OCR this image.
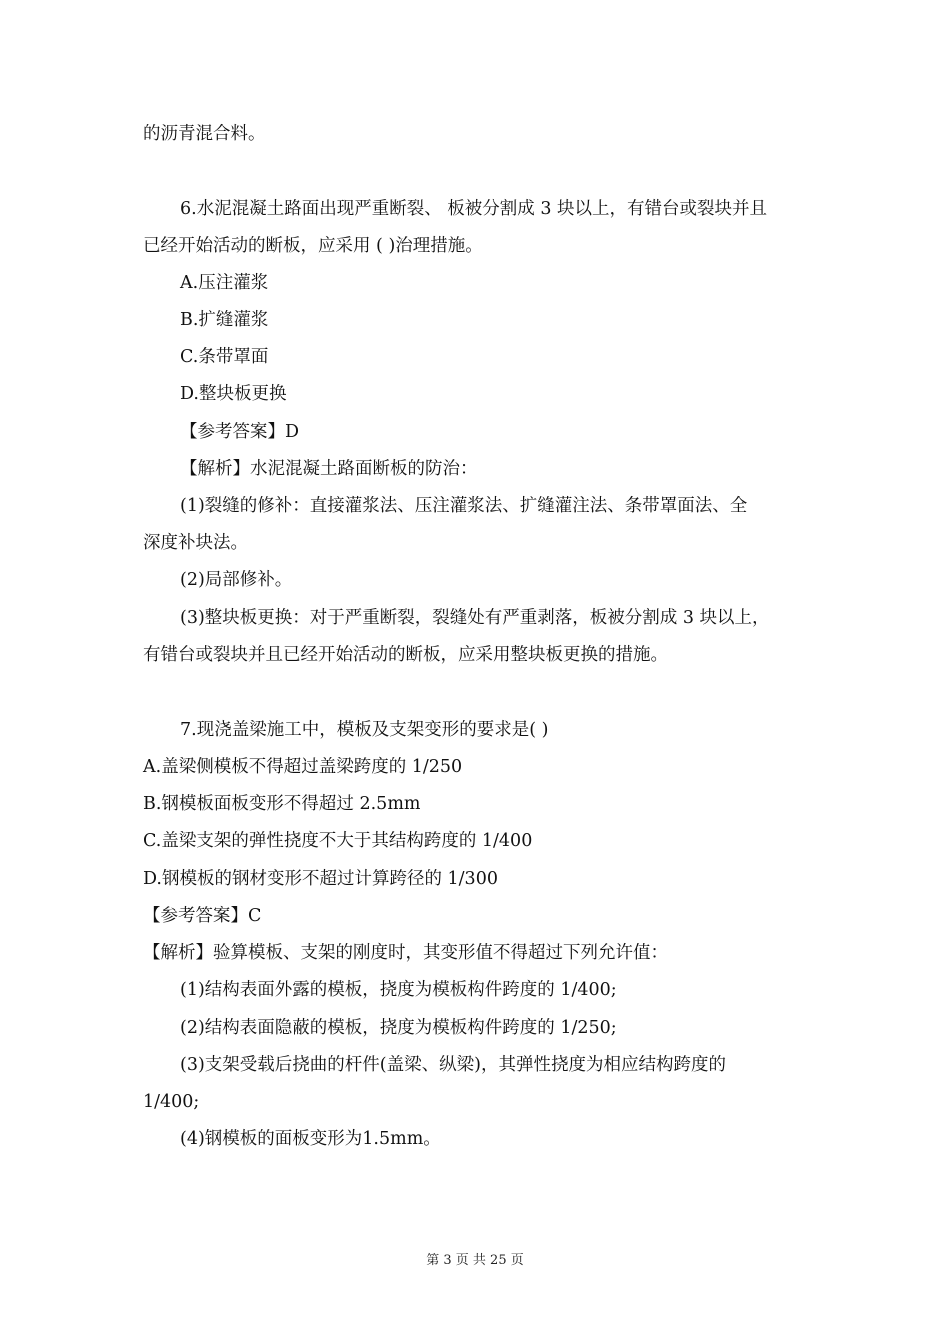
的沥青混合料。

6.水泥混凝土路面出现严重断裂、 板被分割成 3 块以上，有错台或裂块并且

已经开始活动的断板，应采用 ( )治理措施。

A.压注灌浆

B.扩缝灌浆

C.条带罩面

D.整块板更换

【参考答案】D

【解析】水泥混凝土路面断板的防治：

(1)裂缝的修补：直接灌浆法、压注灌浆法、扩缝灌注法、条带罩面法、全

深度补块法。

(2)局部修补。

(3)整块板更换：对于严重断裂，裂缝处有严重剥落，板被分割成 3 块以上，

有错台或裂块并且已经开始活动的断板，应采用整块板更换的措施。

7.现浇盖梁施工中，模板及支架变形的要求是( )

A.盖梁侧模板不得超过盖梁跨度的 1/250

B.钢模板面板变形不得超过 2.5mm

C.盖梁支架的弹性挠度不大于其结构跨度的 1/400

D.钢模板的钢材变形不超过计算跨径的 1/300

【参考答案】C

【解析】验算模板、支架的刚度时，其变形值不得超过下列允许值：

(1)结构表面外露的模板，挠度为模板构件跨度的 1/400;

(2)结构表面隐蔽的模板，挠度为模板构件跨度的 1/250;

(3)支架受载后挠曲的杆件(盖梁、纵梁)，其弹性挠度为相应结构跨度的

1/400;

(4)钢模板的面板变形为1.5mm。

第 3 页 共 25 页
